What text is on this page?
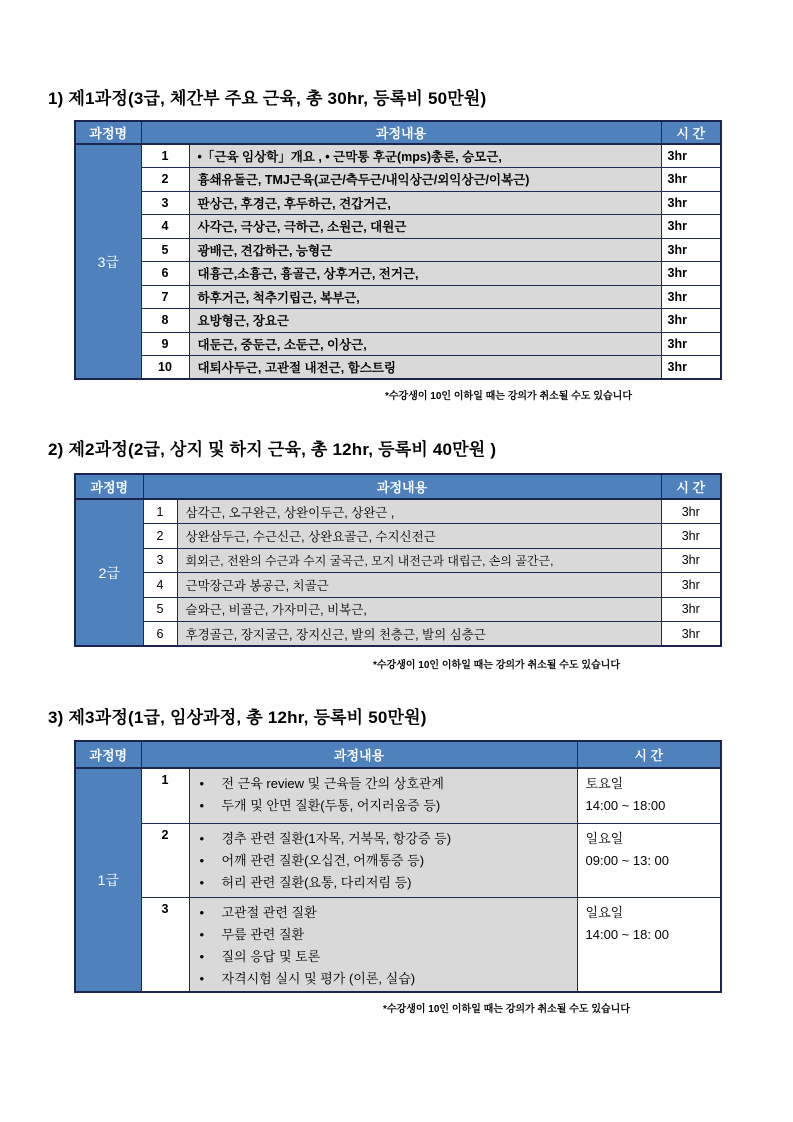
1) 제1과정(3급, 체간부 주요 근육, 총 30hr, 등록비 50만원)
과정명	과정내용		시 간
3급	1	•「근육 임상학」개요 , • 근막통 후군(mps)총론, 승모근,	3hr
	2	흉쇄유돌근, TMJ근육(교근/측두근/내익상근/외익상근/이복근)	3hr
	3	판상근, 후경근, 후두하근, 견갑거근,	3hr
	4	사각근, 극상근, 극하근, 소원근, 대원근	3hr
	5	광배근, 견갑하근, 능형근	3hr
	6	대흉근,소흉근, 흉골근, 상후거근, 전거근,	3hr
	7	하후거근, 척추기립근, 복부근,	3hr
	8	요방형근, 장요근	3hr
	9	대둔근, 중둔근, 소둔근, 이상근,	3hr
	10	대퇴사두근, 고관절 내전근, 함스트링	3hr
*수강생이 10인 이하일 때는 강의가 취소될 수도 있습니다
2) 제2과정(2급, 상지 및 하지 근육, 총 12hr, 등록비 40만원 )
과정명	과정내용		시 간
2급	1	삼각근, 오구완근, 상완이두근, 상완근 ,	3hr
	2	상완삼두근, 수근신근, 상완요골근, 수지신전근	3hr
	3	회외근, 전완의 수근과 수지 굴곡근, 모지 내전근과 대립근, 손의 골간근,	3hr
	4	근막장근과 봉공근, 치골근	3hr
	5	슬와근, 비골근, 가자미근, 비복근,	3hr
	6	후경골근, 장지굴근, 장지신근, 발의 천층근, 발의 심층근	3hr
*수강생이 10인 이하일 때는 강의가 취소될 수도 있습니다
3) 제3과정(1급, 임상과정, 총 12hr, 등록비 50만원)
과정명	과정내용		시 간
1급	1	• 전 근육 review 및 근육들 간의 상호관계
• 두개 및 안면 질환(두통, 어지러움증 등)	토요일
14:00 ~ 18:00

	2	• 경추 관련 질환(1자목, 거북목, 항강증 등)
• 어깨 관련 질환(오십견, 어깨통증 등)
• 허리 관련 질환(요통, 다리저림 등)	일요일
09:00 ~ 13: 00

	3	• 고관절 관련 질환
• 무릎 관련 질환
• 질의 응답 및 토론
• 자격시험 실시 및 평가 (이론, 실습)	일요일
14:00 ~ 18: 00
*수강생이 10인 이하일 때는 강의가 취소될 수도 있습니다
